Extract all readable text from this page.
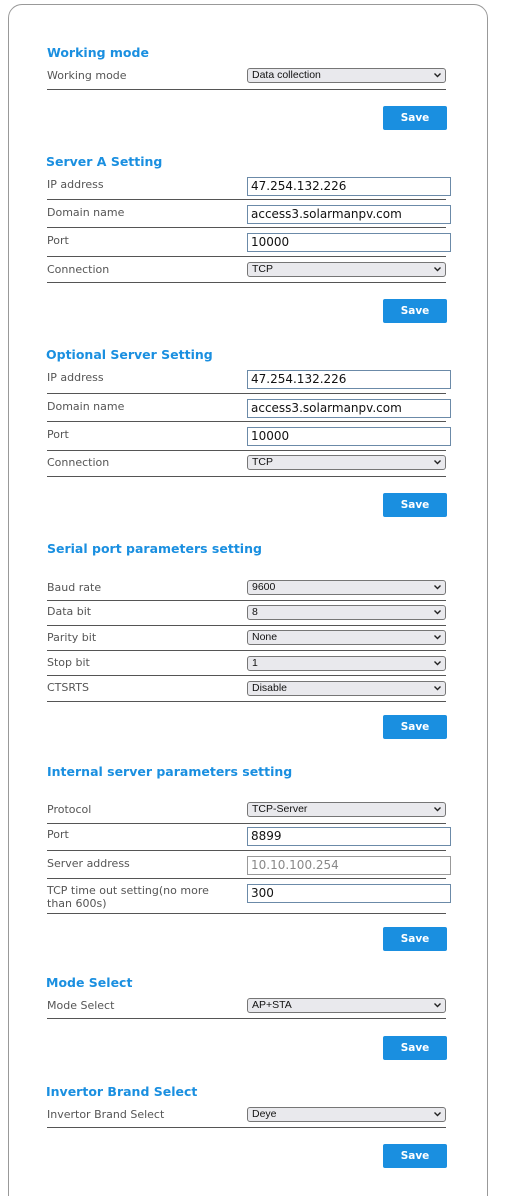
Working mode
Working mode	Data collection
Save
Server A Setting
IP address	47.254.132.226
Domain name	access3.solarmanpv.com
Port	10000
Connection	TCP
Save
Optional Server Setting
IP address	47.254.132.226
Domain name	access3.solarmanpv.com
Port	10000
Connection	TCP
Save
Serial port parameters setting
Baud rate	9600
Data bit	8
Parity bit	None
Stop bit	1
CTSRTS	Disable
Save
Internal server parameters setting
Protocol	TCP-Server
Port	8899
Server address	10.10.100.254
TCP time out setting(no more than 600s)
300
Save
Mode Select
Mode Select	AP+STA
Save
Invertor Brand Select
Invertor Brand Select	Deye
Save
